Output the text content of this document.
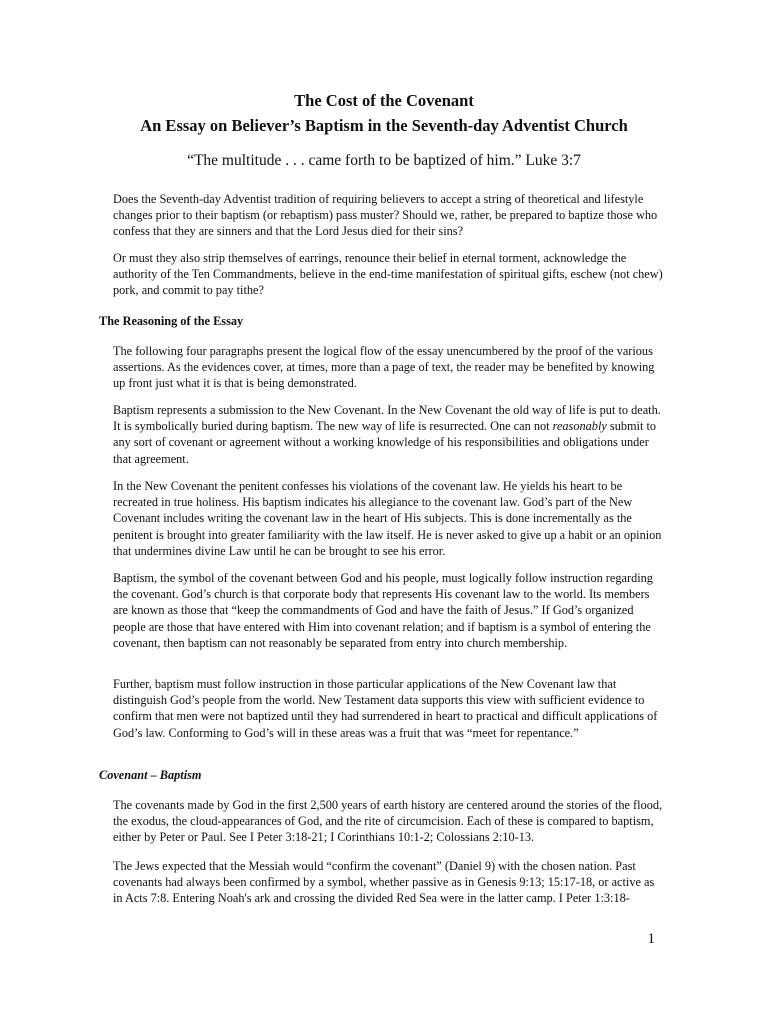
The Cost of the Covenant
An Essay on Believer’s Baptism in the Seventh-day Adventist Church

“The multitude . . . came forth to be baptized of him.” Luke 3:7

Does the Seventh-day Adventist tradition of requiring believers to accept a string of theoretical and lifestyle changes prior to their baptism (or rebaptism) pass muster? Should we, rather, be prepared to baptize those who confess that they are sinners and that the Lord Jesus died for their sins?

Or must they also strip themselves of earrings, renounce their belief in eternal torment, acknowledge the authority of the Ten Commandments, believe in the end-time manifestation of spiritual gifts, eschew (not chew) pork, and commit to pay tithe?

The Reasoning of the Essay

The following four paragraphs present the logical flow of the essay unencumbered by the proof of the various assertions. As the evidences cover, at times, more than a page of text, the reader may be benefited by knowing up front just what it is that is being demonstrated.

Baptism represents a submission to the New Covenant. In the New Covenant the old way of life is put to death. It is symbolically buried during baptism. The new way of life is resurrected. One can not reasonably submit to any sort of covenant or agreement without a working knowledge of his responsibilities and obligations under that agreement.

In the New Covenant the penitent confesses his violations of the covenant law. He yields his heart to be recreated in true holiness. His baptism indicates his allegiance to the covenant law. God’s part of the New Covenant includes writing the covenant law in the heart of His subjects. This is done incrementally as the penitent is brought into greater familiarity with the law itself. He is never asked to give up a habit or an opinion that undermines divine Law until he can be brought to see his error.

Baptism, the symbol of the covenant between God and his people, must logically follow instruction regarding the covenant. God’s church is that corporate body that represents His covenant law to the world. Its members are known as those that “keep the commandments of God and have the faith of Jesus.” If God’s organized people are those that have entered with Him into covenant relation; and if baptism is a symbol of entering the covenant, then baptism can not reasonably be separated from entry into church membership.

Further, baptism must follow instruction in those particular applications of the New Covenant law that distinguish God’s people from the world. New Testament data supports this view with sufficient evidence to confirm that men were not baptized until they had surrendered in heart to practical and difficult applications of God’s law. Conforming to God’s will in these areas was a fruit that was “meet for repentance.”

Covenant – Baptism

The covenants made by God in the first 2,500 years of earth history are centered around the stories of the flood, the exodus, the cloud-appearances of God, and the rite of circumcision. Each of these is compared to baptism, either by Peter or Paul. See I Peter 3:18-21; I Corinthians 10:1-2; Colossians 2:10-13.

The Jews expected that the Messiah would “confirm the covenant” (Daniel 9) with the chosen nation. Past covenants had always been confirmed by a symbol, whether passive as in Genesis 9:13; 15:17-18, or active as in Acts 7:8. Entering Noah's ark and crossing the divided Red Sea were in the latter camp. I Peter 1:3:18-

1
